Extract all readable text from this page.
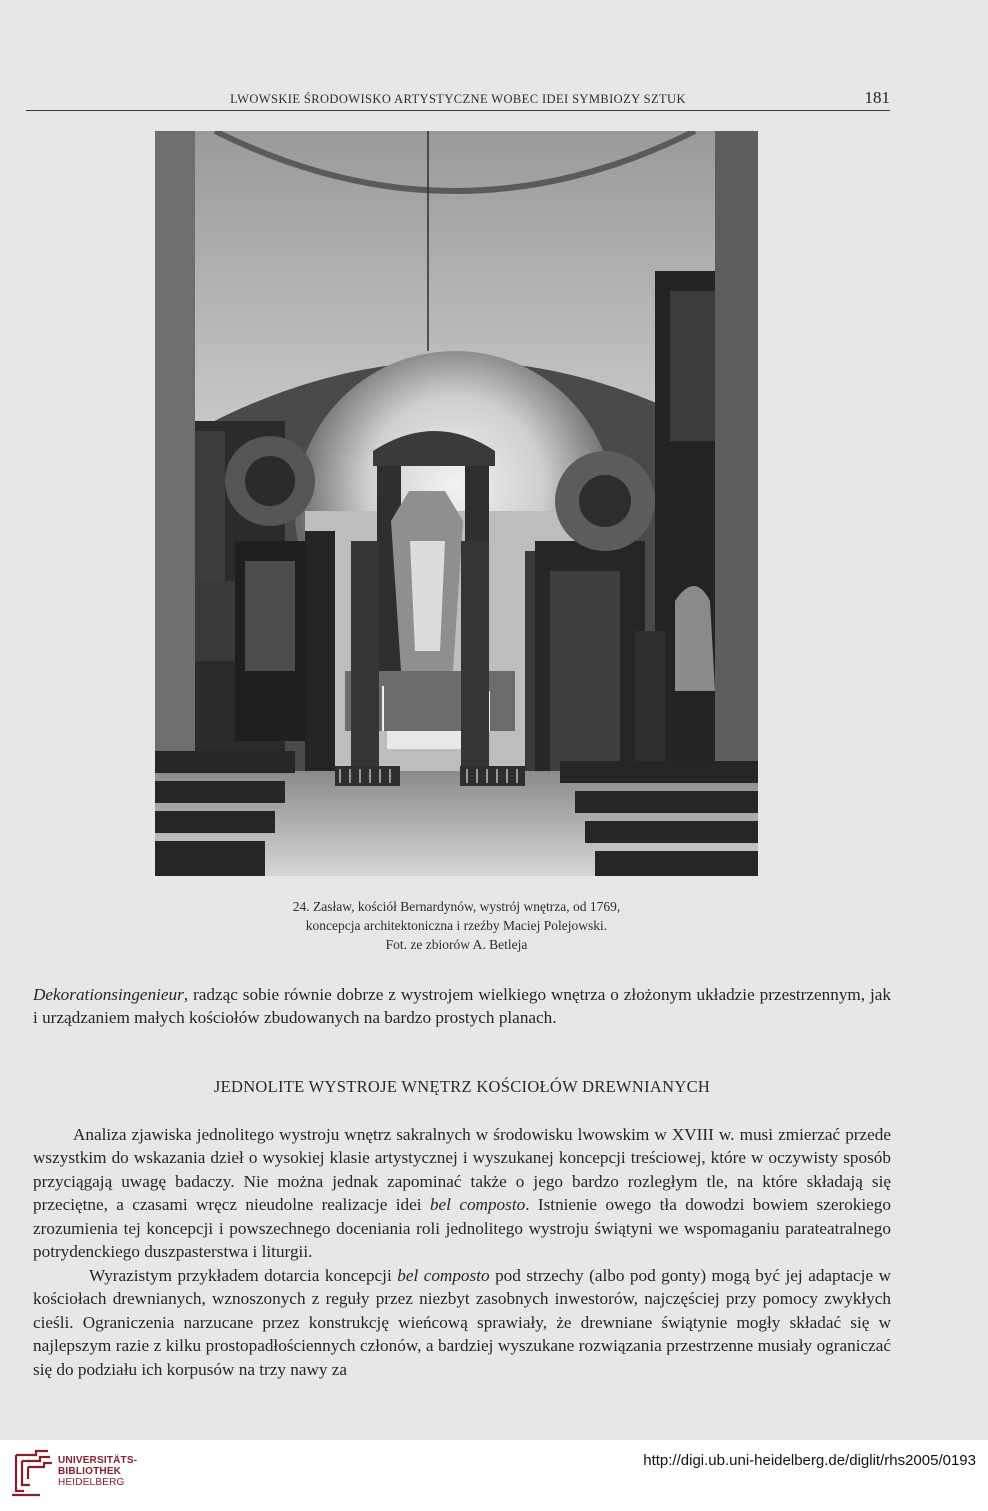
LWOWSKIE ŚRODOWISKO ARTYSTYCZNE WOBEC IDEI SYMBIOZY SZTUK	181
24. Zasław, kościół Bernardynów, wystrój wnętrza, od 1769,
koncepcja architektoniczna i rzeźby Maciej Polejowski.
Fot. ze zbiorów A. Betleja

Dekorationsingenieur, radząc sobie równie dobrze z wystrojem wielkiego wnętrza o złożonym układzie przestrzennym, jak i urządzaniem małych kościołów zbudowanych na bardzo prostych planach.

JEDNOLITE WYSTROJE WNĘTRZ KOŚCIOŁÓW DREWNIANYCH

Analiza zjawiska jednolitego wystroju wnętrz sakralnych w środowisku lwowskim w XVIII w. musi zmierzać przede wszystkim do wskazania dzieł o wysokiej klasie artystycznej i wyszukanej koncepcji treściowej, które w oczywisty sposób przyciągają uwagę badaczy. Nie można jednak zapominać także o jego bardzo rozległym tle, na które składają się przeciętne, a czasami wręcz nieudolne realizacje idei bel composto. Istnienie owego tła dowodzi bowiem szerokiego zrozumienia tej koncepcji i powszechnego doceniania roli jednolitego wystroju świątyni we wspomaganiu parateatralnego potrydenckiego duszpasterstwa i liturgii.

Wyrazistym przykładem dotarcia koncepcji bel composto pod strzechy (albo pod gonty) mogą być jej adaptacje w kościołach drewnianych, wznoszonych z reguły przez niezbyt zasobnych inwestorów, najczęściej przy pomocy zwykłych cieśli. Ograniczenia narzucane przez konstrukcję wieńcową sprawiały, że drewniane świątynie mogły składać się w najlepszym razie z kilku prostopadłościennych członów, a bardziej wyszukane rozwiązania przestrzenne musiały ograniczać się do podziału ich korpusów na trzy nawy za

UNIVERSITÄTS-
BIBLIOTHEK
HEIDELBERG
http://digi.ub.uni-heidelberg.de/diglit/rhs2005/0193
